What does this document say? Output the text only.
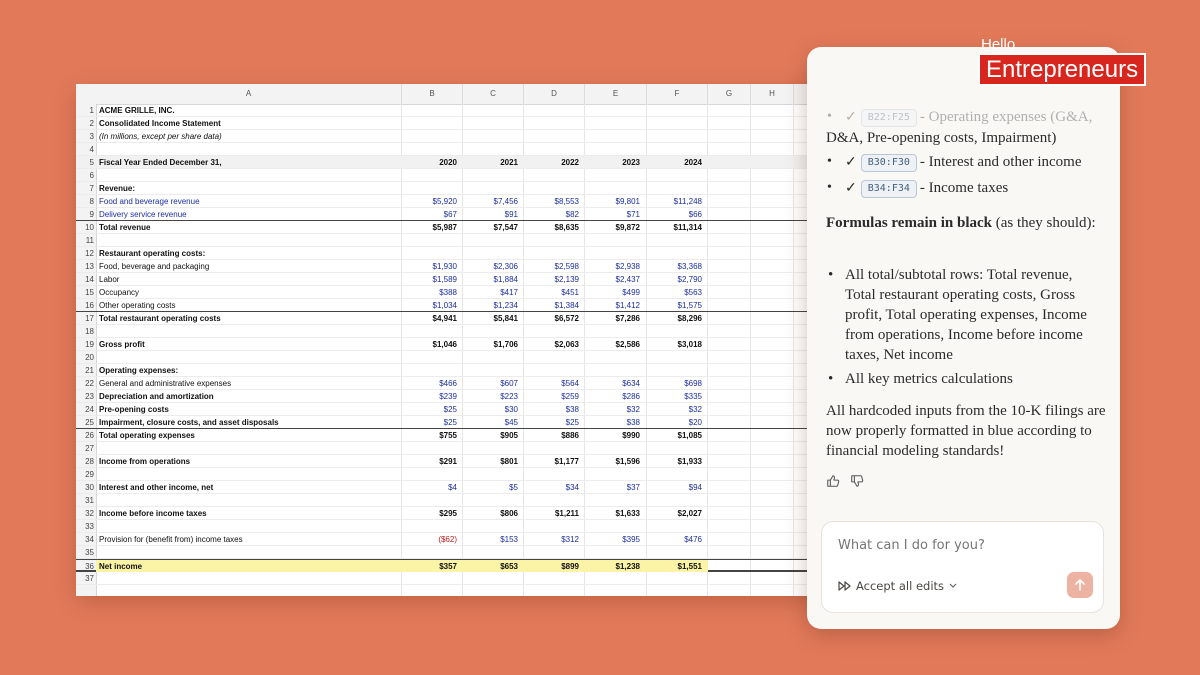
A	B	C	D	E	F	G	H
1 ACME GRILLE, INC.
2 Consolidated Income Statement
3 (In millions, except per share data)
4
5 Fiscal Year Ended December 31,	2020	2021	2022	2023	2024
6
7 Revenue:
8 Food and beverage revenue	$5,920	$7,456	$8,553	$9,801	$11,248
9 Delivery service revenue	$67	$91	$82	$71	$66
10 Total revenue	$5,987	$7,547	$8,635	$9,872	$11,314
11
12 Restaurant operating costs:
13 Food, beverage and packaging	$1,930	$2,306	$2,598	$2,938	$3,368
14 Labor	$1,589	$1,884	$2,139	$2,437	$2,790
15 Occupancy	$388	$417	$451	$499	$563
16 Other operating costs	$1,034	$1,234	$1,384	$1,412	$1,575
17 Total restaurant operating costs	$4,941	$5,841	$6,572	$7,286	$8,296
18
19 Gross profit	$1,046	$1,706	$2,063	$2,586	$3,018
20
21 Operating expenses:
22 General and administrative expenses	$466	$607	$564	$634	$698
23 Depreciation and amortization	$239	$223	$259	$286	$335
24 Pre-opening costs	$25	$30	$38	$32	$32
25 Impairment, closure costs, and asset disposals	$25	$45	$25	$38	$20
26 Total operating expenses	$755	$905	$886	$990	$1,085
27
28 Income from operations	$291	$801	$1,177	$1,596	$1,933
29
30 Interest and other income, net	$4	$5	$34	$37	$94
31
32 Income before income taxes	$295	$806	$1,211	$1,633	$2,027
33
34 Provision for (benefit from) income taxes	($62)	$153	$312	$395	$476
35
36 Net income	$357	$653	$899	$1,238	$1,551
37
• ✓ B22:F25 - Operating expenses (G&A,
D&A, Pre-opening costs, Impairment)
• ✓ B30:F30 - Interest and other income
• ✓ B34:F34 - Income taxes
Formulas remain in black (as they should):
• All total/subtotal rows: Total revenue, Total restaurant operating costs, Gross profit, Total operating expenses, Income from operations, Income before income taxes, Net income
• All key metrics calculations
All hardcoded inputs from the 10-K filings are now properly formatted in blue according to financial modeling standards!
What can I do for you?
Accept all edits
Hello
Entrepreneurs
